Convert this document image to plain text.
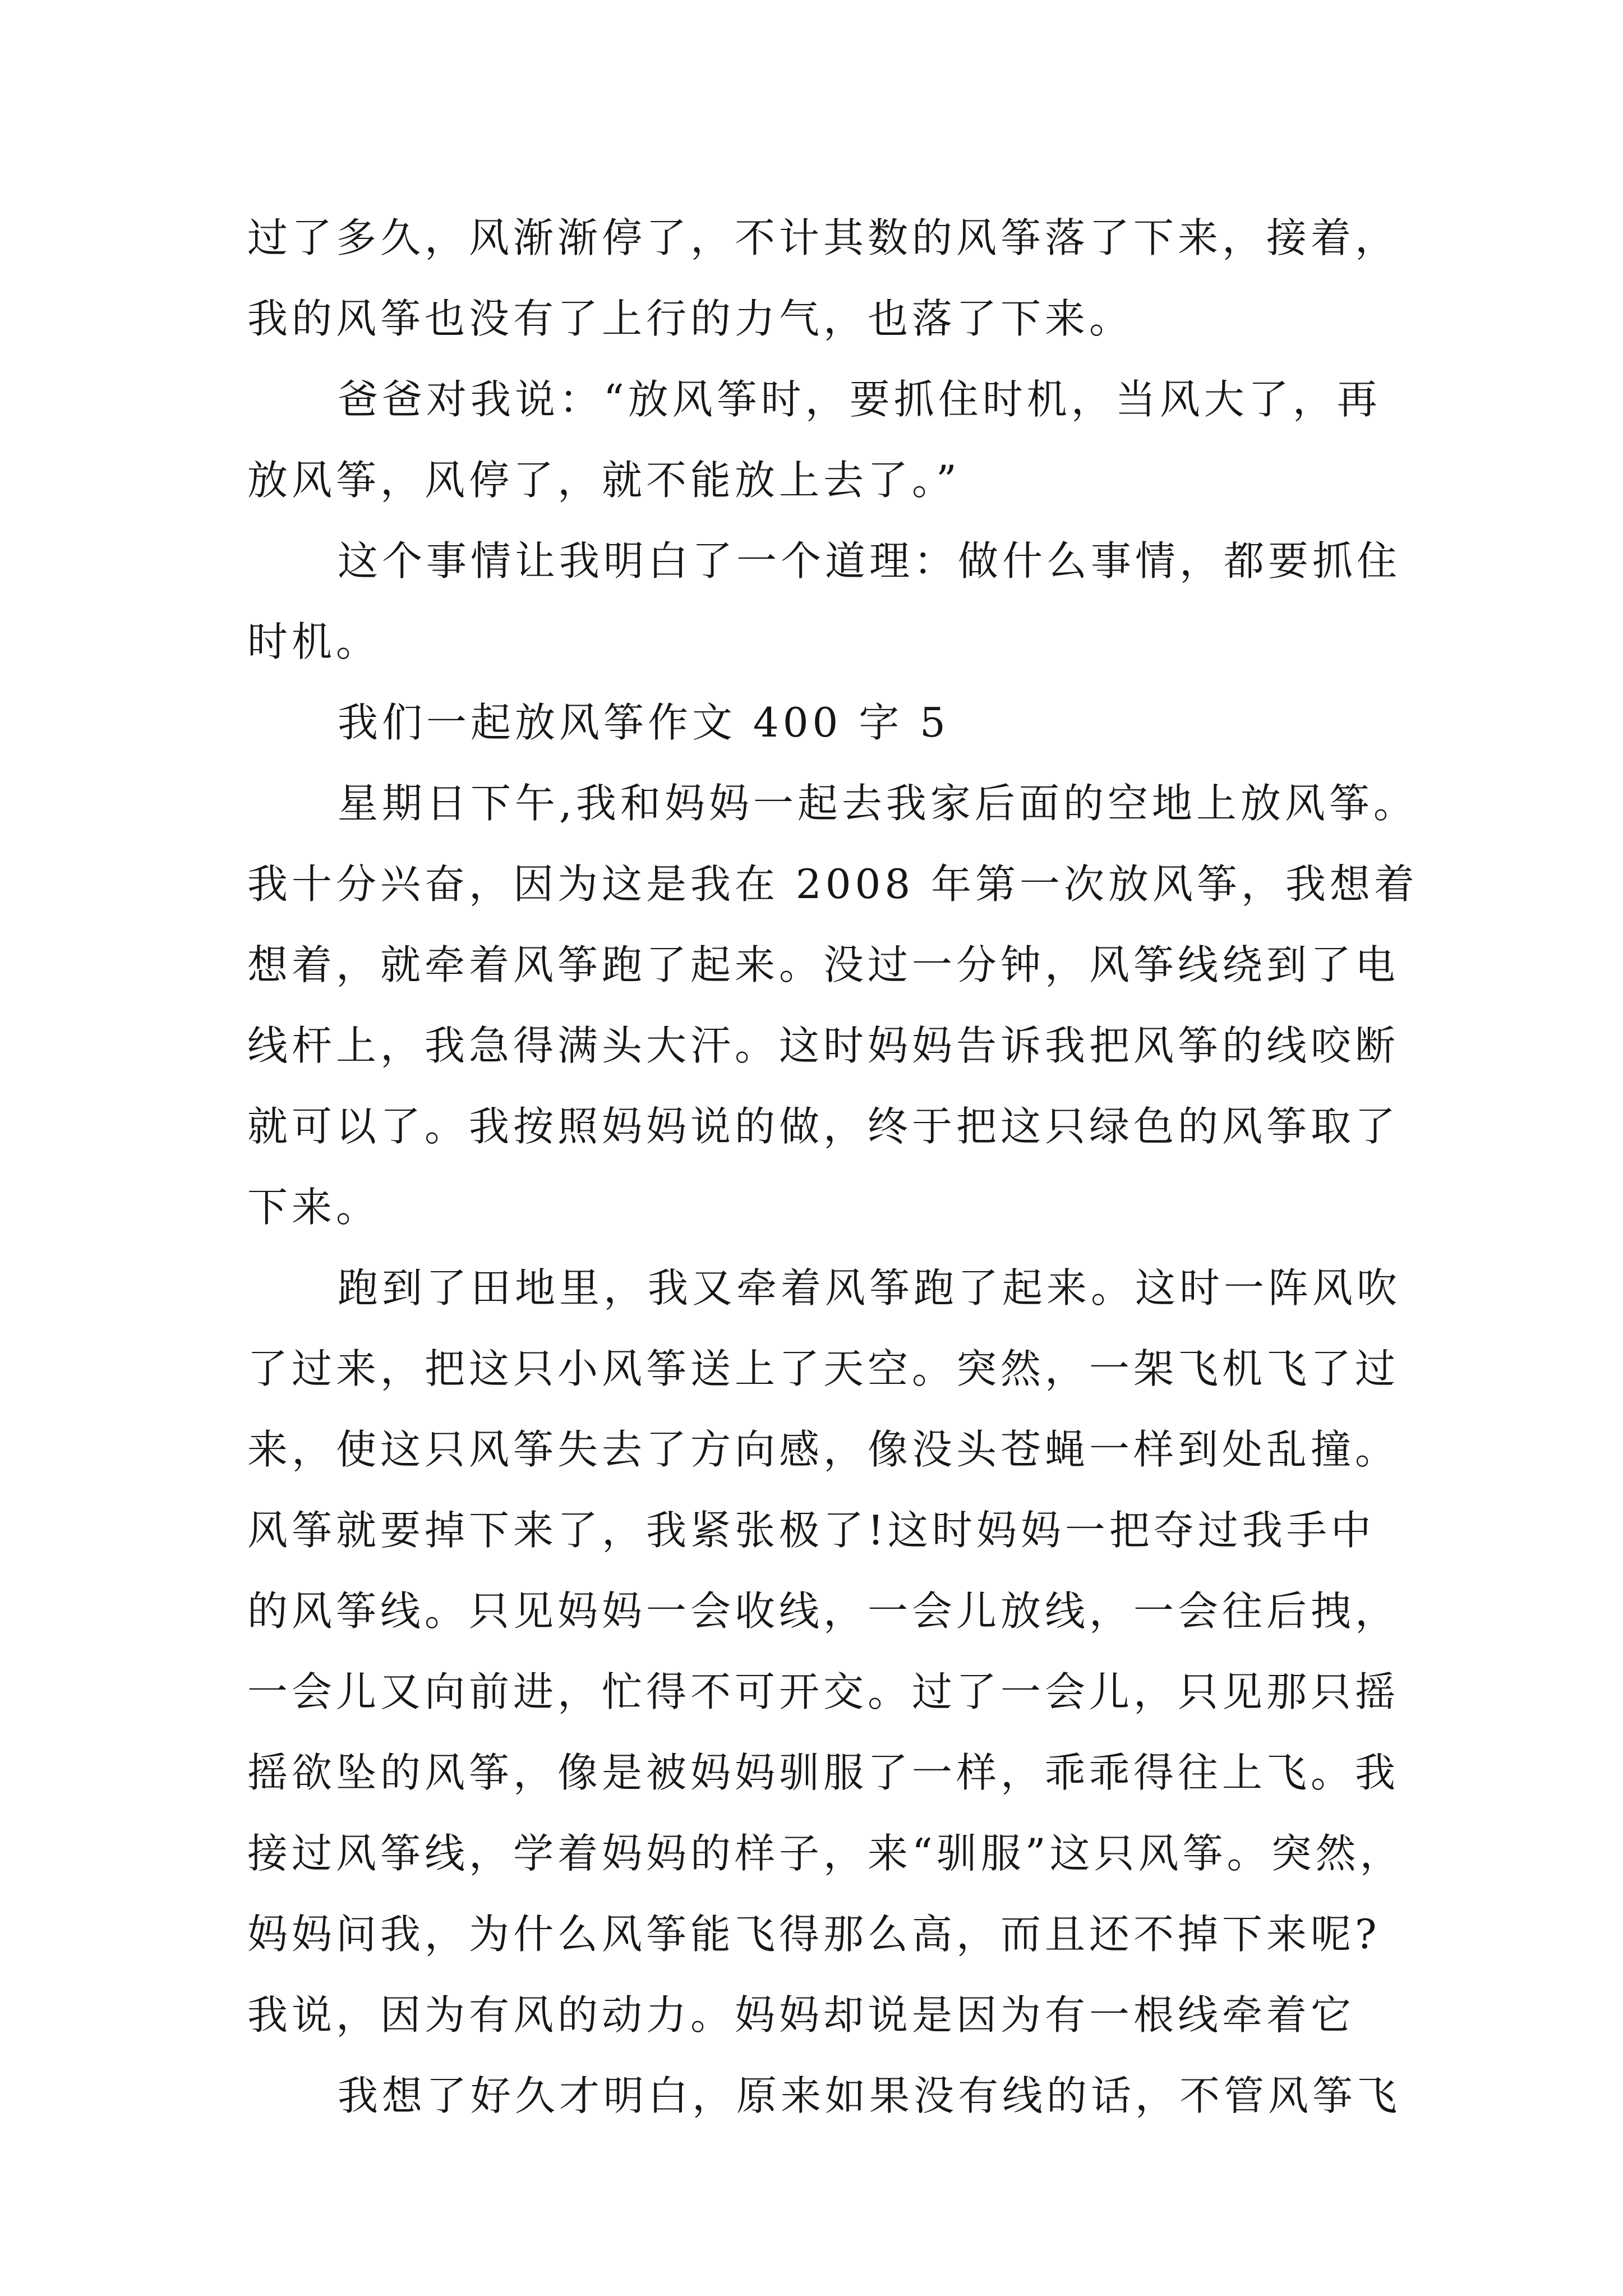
过了多久，风渐渐停了，不计其数的风筝落了下来，接着，

我的风筝也没有了上行的力气，也落了下来。

爸爸对我说：“放风筝时，要抓住时机，当风大了，再

放风筝，风停了，就不能放上去了。”

这个事情让我明白了一个道理：做什么事情，都要抓住

时机。

我们一起放风筝作文 400 字 5

星期日下午,我和妈妈一起去我家后面的空地上放风筝。

我十分兴奋，因为这是我在 2008 年第一次放风筝，我想着

想着，就牵着风筝跑了起来。没过一分钟，风筝线绕到了电

线杆上，我急得满头大汗。这时妈妈告诉我把风筝的线咬断

就可以了。我按照妈妈说的做，终于把这只绿色的风筝取了

下来。

跑到了田地里，我又牵着风筝跑了起来。这时一阵风吹

了过来，把这只小风筝送上了天空。突然，一架飞机飞了过

来，使这只风筝失去了方向感，像没头苍蝇一样到处乱撞。

风筝就要掉下来了，我紧张极了!这时妈妈一把夺过我手中

的风筝线。只见妈妈一会收线，一会儿放线，一会往后拽，

一会儿又向前进，忙得不可开交。过了一会儿，只见那只摇

摇欲坠的风筝，像是被妈妈驯服了一样，乖乖得往上飞。我

接过风筝线，学着妈妈的样子，来“驯服”这只风筝。突然，

妈妈问我，为什么风筝能飞得那么高，而且还不掉下来呢?

我说，因为有风的动力。妈妈却说是因为有一根线牵着它

我想了好久才明白，原来如果没有线的话，不管风筝飞
